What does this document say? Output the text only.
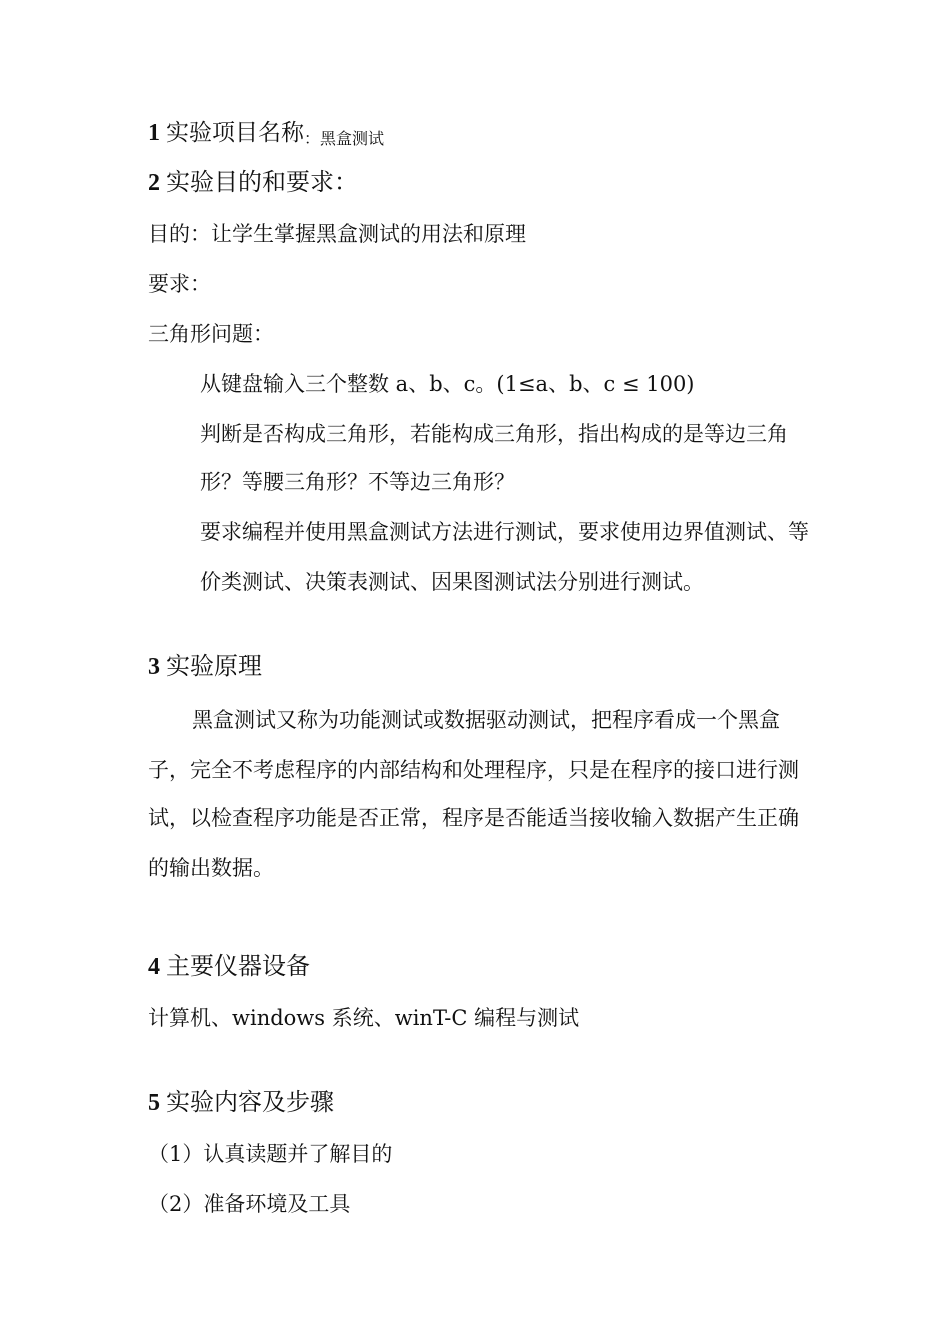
1 实验项目名称：黑盒测试
2 实验目的和要求：
目的：让学生掌握黑盒测试的用法和原理
要求：
三角形问题：
从键盘输入三个整数 a、b、c。(1≤a、b、c ≤ 100)
判断是否构成三角形，若能构成三角形，指出构成的是等边三角
形？等腰三角形？不等边三角形？
要求编程并使用黑盒测试方法进行测试，要求使用边界值测试、等
价类测试、决策表测试、因果图测试法分别进行测试。
3 实验原理
黑盒测试又称为功能测试或数据驱动测试，把程序看成一个黑盒
子，完全不考虑程序的内部结构和处理程序，只是在程序的接口进行测
试，以检查程序功能是否正常，程序是否能适当接收输入数据产生正确
的输出数据。
4 主要仪器设备
计算机、windows 系统、winT-C 编程与测试
5 实验内容及步骤
（1）认真读题并了解目的
（2）准备环境及工具
